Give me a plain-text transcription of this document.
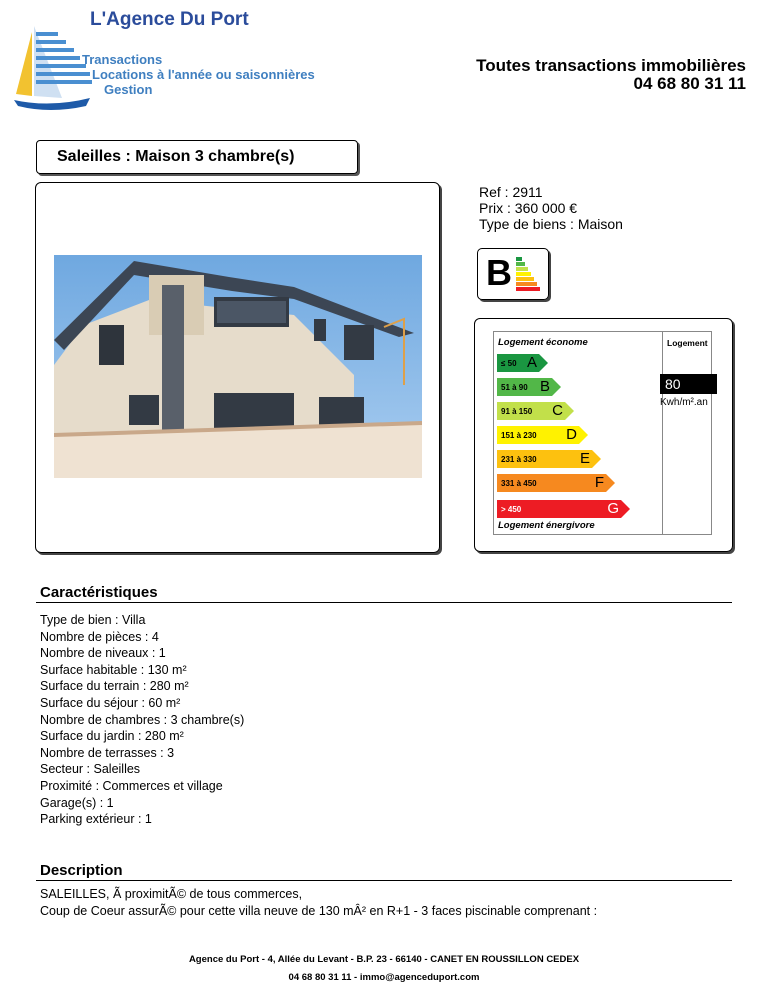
L'Agence Du Port
Transactions
Locations à l'année ou saisonnières
Gestion
Toutes transactions immobilières
04 68 80 31 11
Saleilles : Maison 3 chambre(s)
Ref : 2911
Prix : 360 000 €
Type de biens : Maison
B
Logement économe	Logement
≤ 50 A
51 à 90 B
91 à 150 C
151 à 230 D
231 à 330	E
331 à 450	F
> 450	G
Logement énergivore
80
Kwh/m².an
Caractéristiques
Type de bien : Villa
Nombre de pièces : 4
Nombre de niveaux : 1
Surface habitable : 130 m²
Surface du terrain : 280 m²
Surface du séjour : 60 m²
Nombre de chambres : 3 chambre(s)
Surface du jardin : 280 m²
Nombre de terrasses : 3
Secteur : Saleilles
Proximité : Commerces et village
Garage(s) : 1
Parking extérieur : 1
Description
SALEILLES, Ã proximitÃ© de tous commerces,
Coup de Coeur assurÃ© pour cette villa neuve de 130 mÂ² en R+1 - 3 faces piscinable comprenant :
Agence du Port - 4, Allée du Levant - B.P. 23 - 66140 - CANET EN ROUSSILLON CEDEX
04 68 80 31 11 - immo@agenceduport.com
